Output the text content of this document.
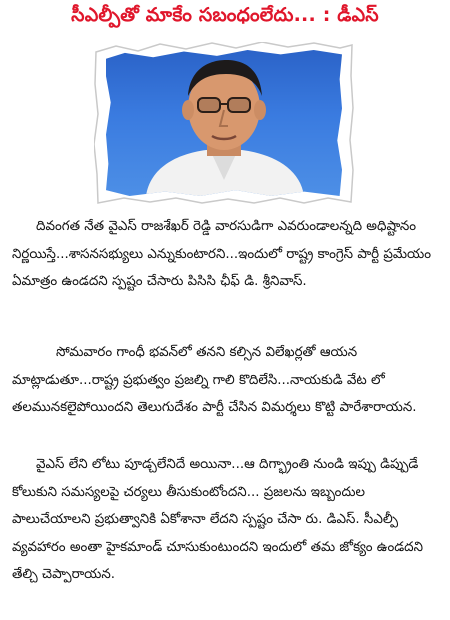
సీఎల్పీతో మాకేం సబంధంలేదు... : డీఎస్

దివంగత నేత వైఎస్ రాజశేఖర్ రెడ్డి వారసుడిగా ఎవరుండాలన్నది అధిష్టానం నిర్ణయిస్తే...శాసనసభ్యులు ఎన్నుకుంటారని...ఇందులో రాష్ట్ర కాంగ్రెస్ పార్టీ ప్రమేయం ఏమాత్రం ఉండదని స్పష్టం చేసారు పిసిసి ఛీఫ్ డి. శ్రీనివాస్.

సోమవారం గాంధీ భవన్‌లో తనని కల్సిన విలేఖర్లతో ఆయన మాట్లాడుతూ...రాష్ట్ర ప్రభుత్వం ప్రజల్ని గాలి కొదిలేసి...నాయకుడి వేట లో తలమునకలైపోయిందని తెలుగుదేశం పార్టీ చేసిన విమర్శలు కొట్టి పారేశారాయన.

వైఎస్ లేని లోటు పూడ్చలేనిదే అయినా...ఆ దిగ్భ్రాంతి నుండి ఇప్పు డిప్పుడే కోలుకుని సమస్యలపై చర్యలు తీసుకుంటోందని... ప్రజలను ఇబ్బందుల పాలుచేయాలని ప్రభుత్వానికి ఏకోశానా లేదని స్పష్టం చేసా రు. డిఎస్. సీఎల్పీ వ్యవహారం అంతా హైకమాండ్ చూసుకుంటుందని ఇందులో తమ జోక్యం ఉండదని తేల్చి చెప్పారాయన.
